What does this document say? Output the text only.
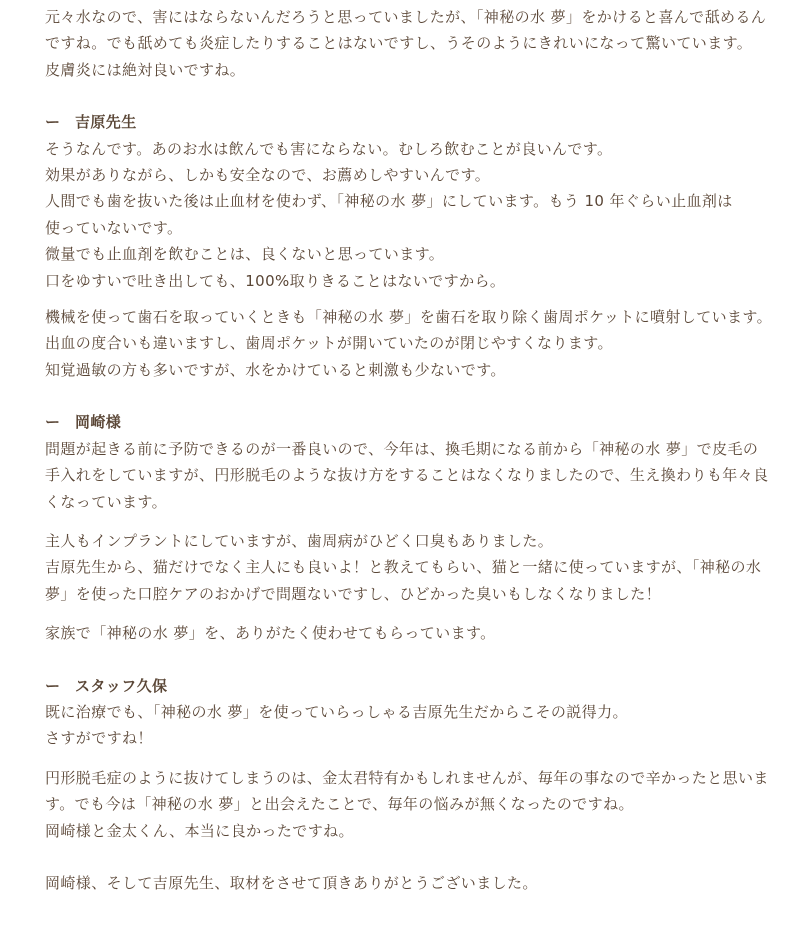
元々水なので、害にはならないんだろうと思っていましたが、「神秘の水 夢」をかけると喜んで舐めるん
ですね。でも舐めても炎症したりすることはないですし、うそのようにきれいになって驚いています。
皮膚炎には絶対良いですね。
ー 吉原先生
そうなんです。あのお水は飲んでも害にならない。むしろ飲むことが良いんです。
効果がありながら、しかも安全なので、お薦めしやすいんです。
人間でも歯を抜いた後は止血材を使わず、「神秘の水 夢」にしています。もう 10 年ぐらい止血剤は
使っていないです。
微量でも止血剤を飲むことは、良くないと思っています。
口をゆすいで吐き出しても、100%取りきることはないですから。
機械を使って歯石を取っていくときも「神秘の水 夢」を歯石を取り除く歯周ポケットに噴射しています。
出血の度合いも違いますし、歯周ポケットが開いていたのが閉じやすくなります。
知覚過敏の方も多いですが、水をかけていると刺激も少ないです。
ー 岡崎様
問題が起きる前に予防できるのが一番良いので、今年は、換毛期になる前から「神秘の水 夢」で皮毛の
手入れをしていますが、円形脱毛のような抜け方をすることはなくなりましたので、生え換わりも年々良
くなっています。
主人もインプラントにしていますが、歯周病がひどく口臭もありました。
吉原先生から、猫だけでなく主人にも良いよ！と教えてもらい、猫と一緒に使っていますが、「神秘の水
夢」を使った口腔ケアのおかげで問題ないですし、ひどかった臭いもしなくなりました！
家族で「神秘の水 夢」を、ありがたく使わせてもらっています。
ー スタッフ久保
既に治療でも、「神秘の水 夢」を使っていらっしゃる吉原先生だからこその説得力。
さすがですね！
円形脱毛症のように抜けてしまうのは、金太君特有かもしれませんが、毎年の事なので辛かったと思いま
す。でも今は「神秘の水 夢」と出会えたことで、毎年の悩みが無くなったのですね。
岡崎様と金太くん、本当に良かったですね。
岡崎様、そして吉原先生、取材をさせて頂きありがとうございました。
